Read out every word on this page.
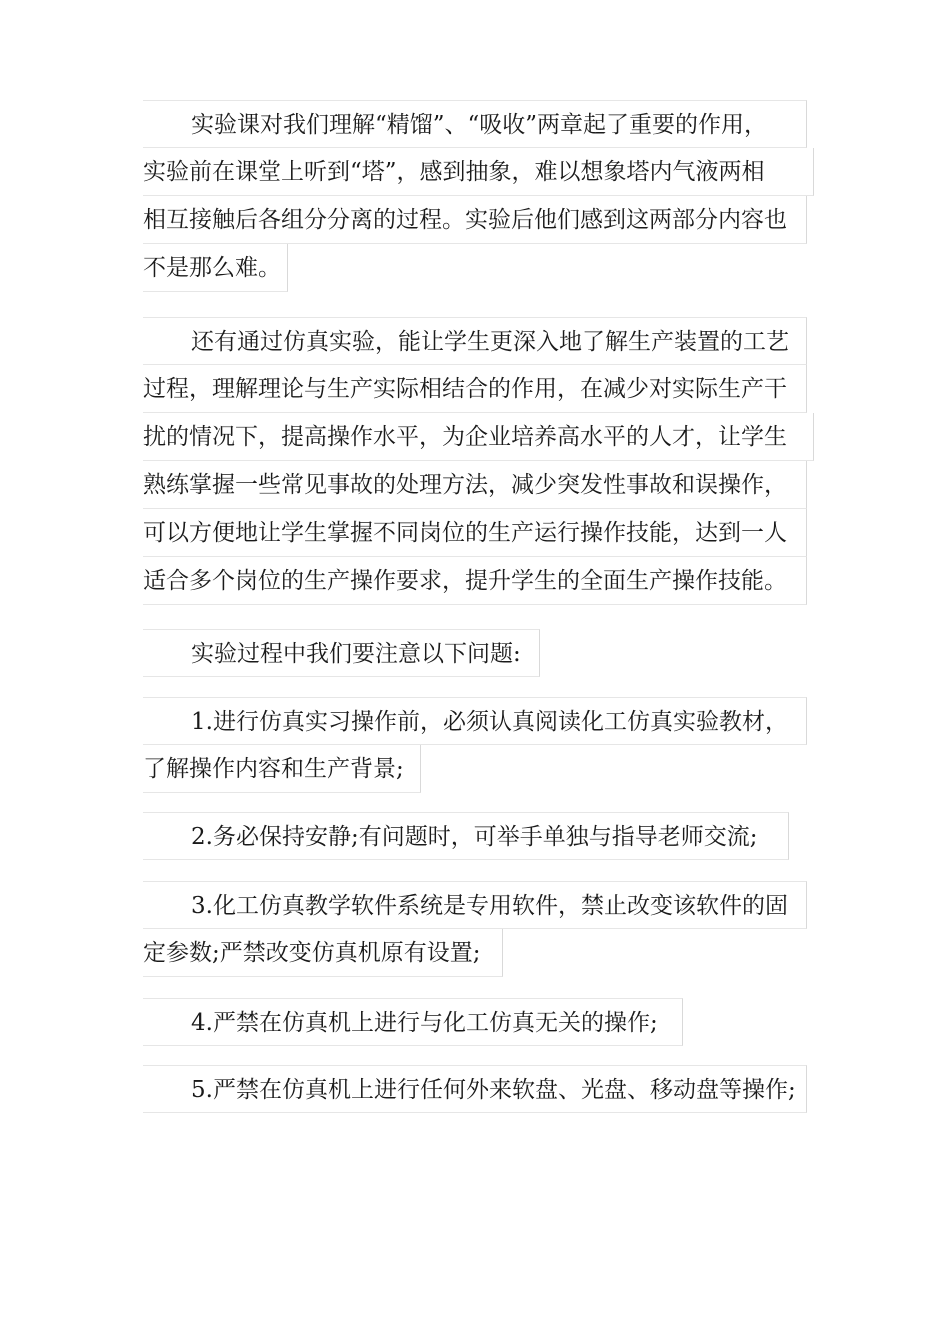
实验课对我们理解“精馏”、“吸收”两章起了重要的作用，
实验前在课堂上听到“塔”，感到抽象，难以想象塔内气液两相
相互接触后各组分分离的过程。实验后他们感到这两部分内容也
不是那么难。
还有通过仿真实验，能让学生更深入地了解生产装置的工艺
过程，理解理论与生产实际相结合的作用，在减少对实际生产干
扰的情况下，提高操作水平，为企业培养高水平的人才，让学生
熟练掌握一些常见事故的处理方法，减少突发性事故和误操作，
可以方便地让学生掌握不同岗位的生产运行操作技能，达到一人
适合多个岗位的生产操作要求，提升学生的全面生产操作技能。
实验过程中我们要注意以下问题:
1.进行仿真实习操作前，必须认真阅读化工仿真实验教材，
了解操作内容和生产背景;
2.务必保持安静;有问题时，可举手单独与指导老师交流;
3.化工仿真教学软件系统是专用软件，禁止改变该软件的固
定参数;严禁改变仿真机原有设置;
4.严禁在仿真机上进行与化工仿真无关的操作;
5.严禁在仿真机上进行任何外来软盘、光盘、移动盘等操作;
